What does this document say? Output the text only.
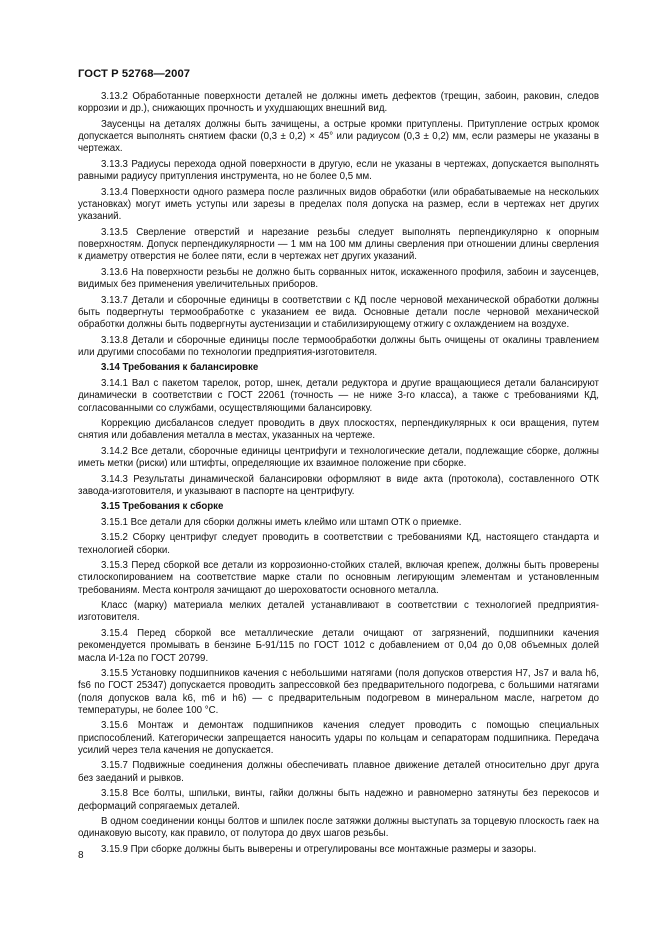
ГОСТ Р 52768—2007

3.13.2 Обработанные поверхности деталей не должны иметь дефектов (трещин, забоин, раковин, следов коррозии и др.), снижающих прочность и ухудшающих внешний вид.

Заусенцы на деталях должны быть зачищены, а острые кромки притуплены. Притупление острых кромок допускается выполнять снятием фаски (0,3 ± 0,2) × 45° или радиусом (0,3 ± 0,2) мм, если размеры не указаны в чертежах.

3.13.3 Радиусы перехода одной поверхности в другую, если не указаны в чертежах, допускается выполнять равными радиусу притупления инструмента, но не более 0,5 мм.

3.13.4 Поверхности одного размера после различных видов обработки (или обрабатываемые на нескольких установках) могут иметь уступы или зарезы в пределах поля допуска на размер, если в чертежах нет других указаний.

3.13.5 Сверление отверстий и нарезание резьбы следует выполнять перпендикулярно к опорным поверхностям. Допуск перпендикулярности — 1 мм на 100 мм длины сверления при отношении длины сверления к диаметру отверстия не более пяти, если в чертежах нет других указаний.

3.13.6 На поверхности резьбы не должно быть сорванных ниток, искаженного профиля, забоин и заусенцев, видимых без применения увеличительных приборов.

3.13.7 Детали и сборочные единицы в соответствии с КД после черновой механической обработки должны быть подвергнуты термообработке с указанием ее вида. Основные детали после черновой механической обработки должны быть подвергнуты аустенизации и стабилизирующему отжигу с охлаждением на воздухе.

3.13.8 Детали и сборочные единицы после термообработки должны быть очищены от окалины травлением или другими способами по технологии предприятия-изготовителя.

3.14 Требования к балансировке

3.14.1 Вал с пакетом тарелок, ротор, шнек, детали редуктора и другие вращающиеся детали балансируют динамически в соответствии с ГОСТ 22061 (точность — не ниже 3-го класса), а также с требованиями КД, согласованными со службами, осуществляющими балансировку.

Коррекцию дисбалансов следует проводить в двух плоскостях, перпендикулярных к оси вращения, путем снятия или добавления металла в местах, указанных на чертеже.

3.14.2 Все детали, сборочные единицы центрифуги и технологические детали, подлежащие сборке, должны иметь метки (риски) или штифты, определяющие их взаимное положение при сборке.

3.14.3 Результаты динамической балансировки оформляют в виде акта (протокола), составленного ОТК завода-изготовителя, и указывают в паспорте на центрифугу.

3.15 Требования к сборке

3.15.1 Все детали для сборки должны иметь клеймо или штамп ОТК о приемке.

3.15.2 Сборку центрифуг следует проводить в соответствии с требованиями КД, настоящего стандарта и технологией сборки.

3.15.3 Перед сборкой все детали из коррозионно-стойких сталей, включая крепеж, должны быть проверены стилоскопированием на соответствие марке стали по основным легирующим элементам и установленным требованиям. Места контроля зачищают до шероховатости основного металла.

Класс (марку) материала мелких деталей устанавливают в соответствии с технологией предприятия-изготовителя.

3.15.4 Перед сборкой все металлические детали очищают от загрязнений, подшипники качения рекомендуется промывать в бензине Б-91/115 по ГОСТ 1012 с добавлением от 0,04 до 0,08 объемных долей масла И-12а по ГОСТ 20799.

3.15.5 Установку подшипников качения с небольшими натягами (поля допусков отверстия H7, Js7 и вала h6, fs6 по ГОСТ 25347) допускается проводить запрессовкой без предварительного подогрева, с большими натягами (поля допусков вала k6, m6 и h6) — с предварительным подогревом в минеральном масле, нагретом до температуры, не более 100 °С.

3.15.6 Монтаж и демонтаж подшипников качения следует проводить с помощью специальных приспособлений. Категорически запрещается наносить удары по кольцам и сепараторам подшипника. Передача усилий через тела качения не допускается.

3.15.7 Подвижные соединения должны обеспечивать плавное движение деталей относительно друг друга без заеданий и рывков.

3.15.8 Все болты, шпильки, винты, гайки должны быть надежно и равномерно затянуты без перекосов и деформаций сопрягаемых деталей.

В одном соединении концы болтов и шпилек после затяжки должны выступать за торцевую плоскость гаек на одинаковую высоту, как правило, от полутора до двух шагов резьбы.

3.15.9 При сборке должны быть выверены и отрегулированы все монтажные размеры и зазоры.

8
